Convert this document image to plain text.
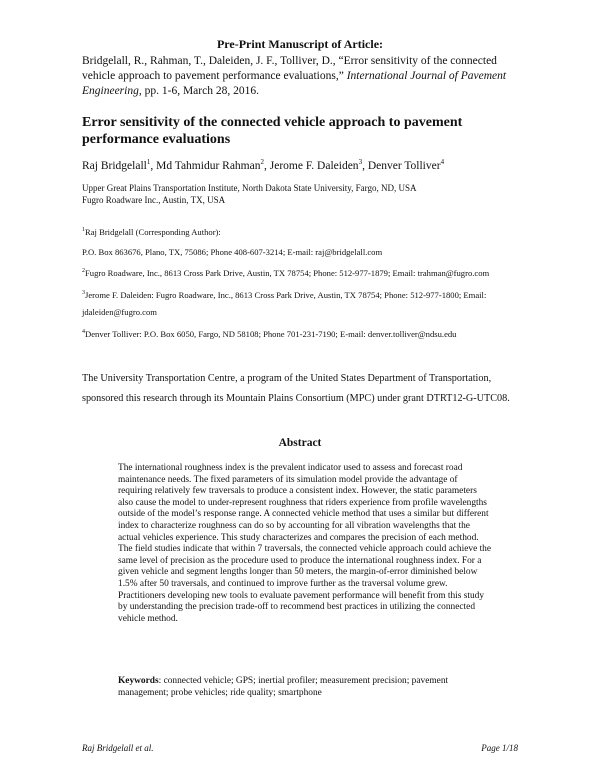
Pre-Print Manuscript of Article:
Bridgelall, R., Rahman, T., Daleiden, J. F., Tolliver, D., “Error sensitivity of the connected vehicle approach to pavement performance evaluations,” International Journal of Pavement Engineering, pp. 1-6, March 28, 2016.
Error sensitivity of the connected vehicle approach to pavement performance evaluations
Raj Bridgelall$^1$, Md Tahmidur Rahman$^2$, Jerome F. Daleiden$^3$, Denver Tolliver$^4$
Upper Great Plains Transportation Institute, North Dakota State University, Fargo, ND, USA
Fugro Roadware Inc., Austin, TX, USA

$^1$Raj Bridgelall (Corresponding Author):

P.O. Box 863676, Plano, TX, 75086; Phone 408-607-3214; E-mail: raj@bridgelall.com

$^2$Fugro Roadware, Inc., 8613 Cross Park Drive, Austin, TX 78754; Phone: 512-977-1879; Email: trahman@fugro.com

$^3$Jerome F. Daleiden: Fugro Roadware, Inc., 8613 Cross Park Drive, Austin, TX 78754; Phone: 512-977-1800; Email: jdaleiden@fugro.com

$^4$Denver Tolliver: P.O. Box 6050, Fargo, ND 58108; Phone 701-231-7190; E-mail: denver.tolliver@ndsu.edu

The University Transportation Centre, a program of the United States Department of Transportation, sponsored this research through its Mountain Plains Consortium (MPC) under grant DTRT12-G-UTC08.
Abstract
The international roughness index is the prevalent indicator used to assess and forecast road maintenance needs. The fixed parameters of its simulation model provide the advantage of requiring relatively few traversals to produce a consistent index. However, the static parameters also cause the model to under-represent roughness that riders experience from profile wavelengths outside of the model’s response range. A connected vehicle method that uses a similar but different index to characterize roughness can do so by accounting for all vibration wavelengths that the actual vehicles experience. This study characterizes and compares the precision of each method. The field studies indicate that within 7 traversals, the connected vehicle approach could achieve the same level of precision as the procedure used to produce the international roughness index. For a given vehicle and segment lengths longer than 50 meters, the margin-of-error diminished below 1.5% after 50 traversals, and continued to improve further as the traversal volume grew. Practitioners developing new tools to evaluate pavement performance will benefit from this study by understanding the precision trade-off to recommend best practices in utilizing the connected vehicle method.
Keywords: connected vehicle; GPS; inertial profiler; measurement precision; pavement management; probe vehicles; ride quality; smartphone
Raj Bridgelall et al.	Page 1/18
